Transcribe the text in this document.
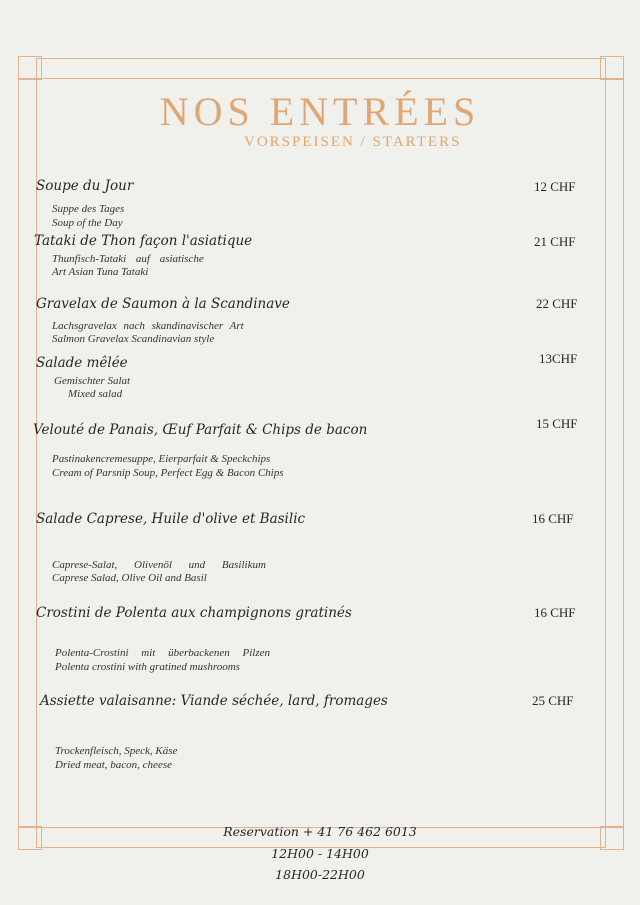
NOS ENTRÉES
VORSPEISEN / STARTERS
Soupe du Jour	12 CHF
Suppe des Tages
Soup of the Day
Tataki de Thon façon l'asiatique	21 CHF
Thunfisch-Tataki auf asiatische
Art Asian Tuna Tataki
Gravelax de Saumon à la Scandinave	22 CHF
Lachsgravelax nach skandinavischer Art
Salmon Gravelax Scandinavian style
Salade mêlée	13CHF
Gemischter Salat
Mixed salad
Velouté de Panais, Œuf Parfait & Chips de bacon	15 CHF
Pastinakencremesuppe, Eierparfait & Speckchips
Cream of Parsnip Soup, Perfect Egg & Bacon Chips
Salade Caprese, Huile d'olive et Basilic	16 CHF
Caprese-Salat, Olivenöl und Basilikum
Caprese Salad, Olive Oil and Basil
Crostini de Polenta aux champignons gratinés	16 CHF
Polenta-Crostini mit überbackenen Pilzen
Polenta crostini with gratined mushrooms
Assiette valaisanne: Viande séchée, lard, fromages	25 CHF
Trockenfleisch, Speck, Käse
Dried meat, bacon, cheese
Reservation + 41 76 462 6013
12H00 - 14H00
18H00-22H00
